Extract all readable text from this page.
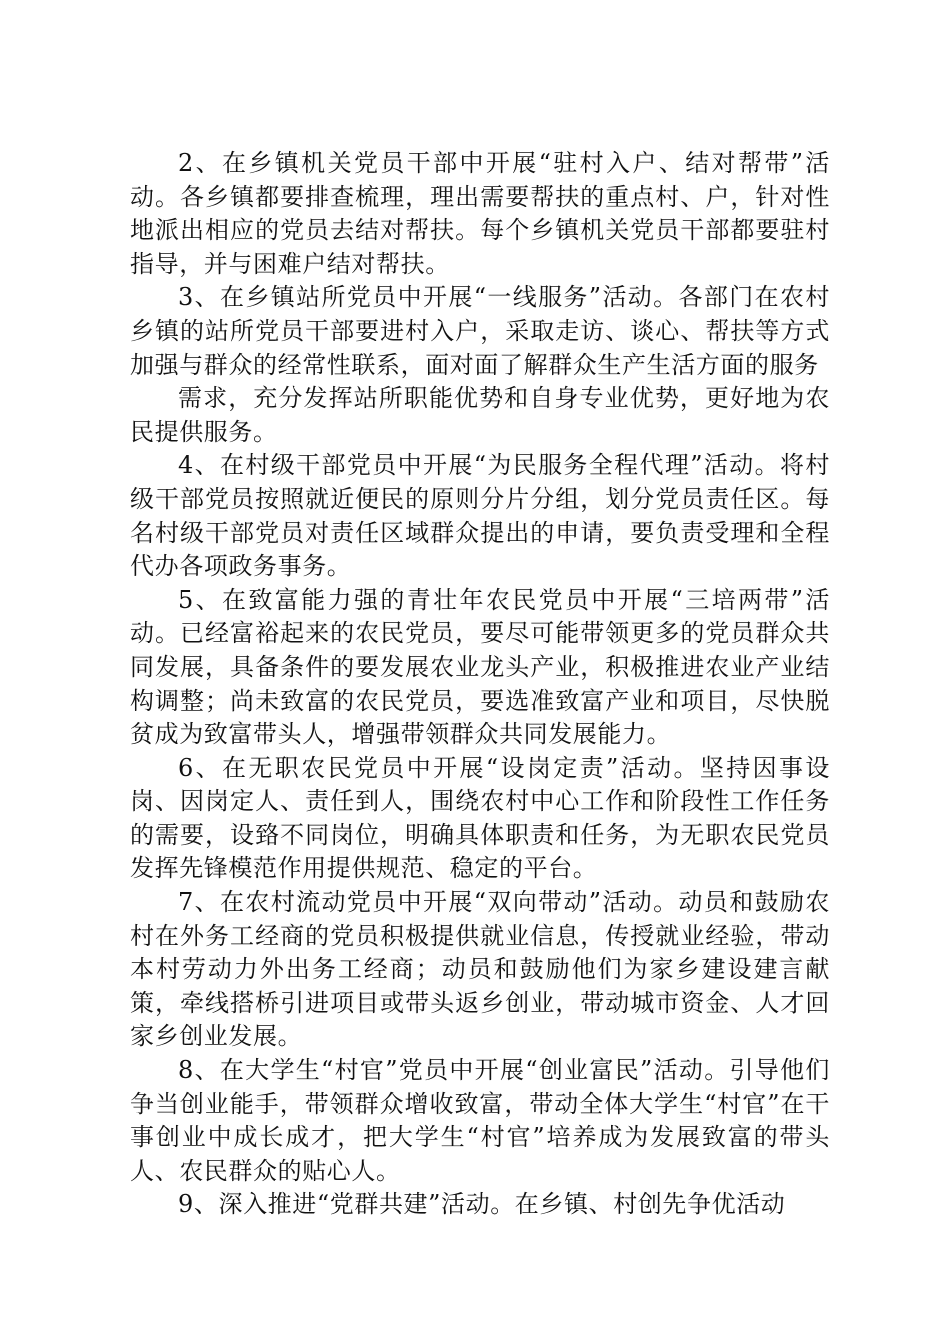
2、在乡镇机关党员干部中开展“驻村入户、结对帮带”活动。各乡镇都要排查梳理，理出需要帮扶的重点村、户，针对性地派出相应的党员去结对帮扶。每个乡镇机关党员干部都要驻村指导，并与困难户结对帮扶。

3、在乡镇站所党员中开展“一线服务”活动。各部门在农村乡镇的站所党员干部要进村入户，采取走访、谈心、帮扶等方式加强与群众的经常性联系，面对面了解群众生产生活方面的服务

需求，充分发挥站所职能优势和自身专业优势，更好地为农民提供服务。

4、在村级干部党员中开展“为民服务全程代理”活动。将村级干部党员按照就近便民的原则分片分组，划分党员责任区。每名村级干部党员对责任区域群众提出的申请，要负责受理和全程代办各项政务事务。

5、在致富能力强的青壮年农民党员中开展“三培两带”活动。已经富裕起来的农民党员，要尽可能带领更多的党员群众共同发展，具备条件的要发展农业龙头产业，积极推进农业产业结构调整；尚未致富的农民党员，要选准致富产业和项目，尽快脱贫成为致富带头人，增强带领群众共同发展能力。

6、在无职农民党员中开展“设岗定责”活动。坚持因事设岗、因岗定人、责任到人，围绕农村中心工作和阶段性工作任务的需要，设臵不同岗位，明确具体职责和任务，为无职农民党员发挥先锋模范作用提供规范、稳定的平台。

7、在农村流动党员中开展“双向带动”活动。动员和鼓励农村在外务工经商的党员积极提供就业信息，传授就业经验，带动本村劳动力外出务工经商；动员和鼓励他们为家乡建设建言献策，牵线搭桥引进项目或带头返乡创业，带动城市资金、人才回家乡创业发展。

8、在大学生“村官”党员中开展“创业富民”活动。引导他们争当创业能手，带领群众增收致富，带动全体大学生“村官”在干事创业中成长成才，把大学生“村官”培养成为发展致富的带头人、农民群众的贴心人。

9、深入推进“党群共建”活动。在乡镇、村创先争优活动
